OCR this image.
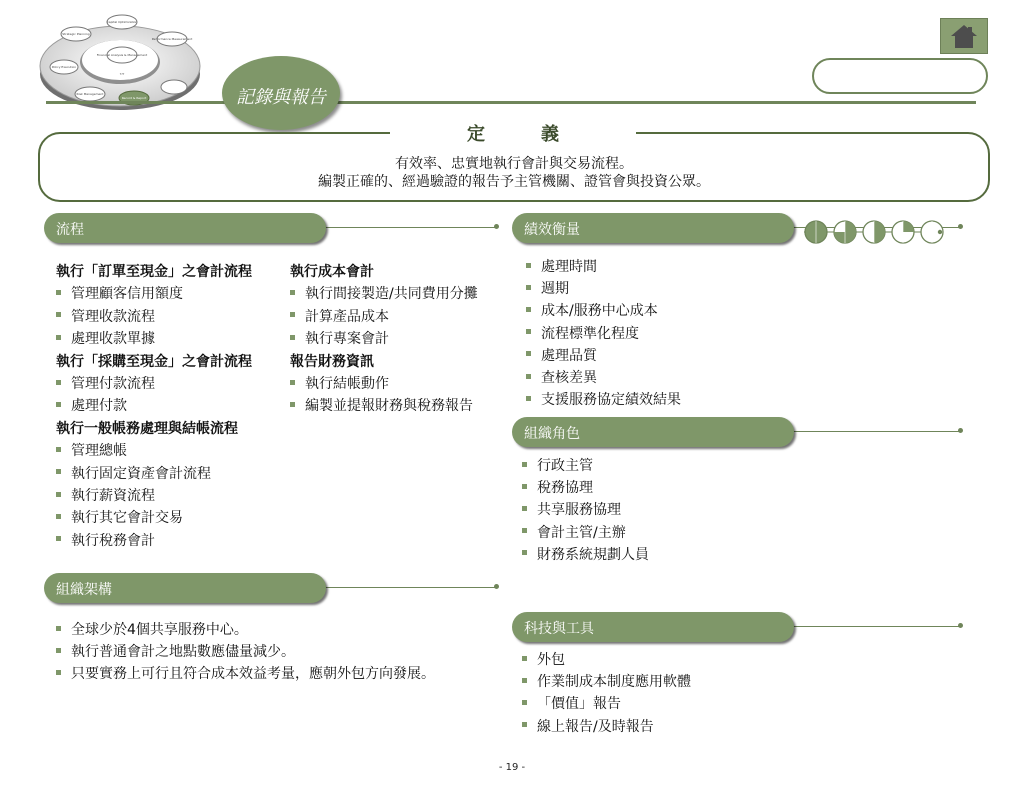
Capital Optimization
Performance Measurement
Strategic Planning
Financial Analysis & Management
Policy Execution
Risk Management
Record & Report
???
記錄與報告
定	義
有效率、忠實地執行會計與交易流程。
編製正確的、經過驗證的報告予主管機關、證管會與投資公眾。
流程	績效衡量
組織角色
組織架構
科技與工具
執行「訂單至現金」之會計流程
管理顧客信用額度
管理收款流程
處理收款單據
執行「採購至現金」之會計流程
管理付款流程
處理付款
執行一般帳務處理與結帳流程
管理總帳
執行固定資產會計流程
執行薪資流程
執行其它會計交易
執行稅務會計
執行成本會計
執行間接製造/共同費用分攤
計算產品成本
執行專案會計
報告財務資訊
執行結帳動作
編製並提報財務與稅務報告
處理時間
週期
成本/服務中心成本
流程標準化程度
處理品質
查核差異
支援服務協定績效結果
行政主管
稅務協理
共享服務協理
會計主管/主辦
財務系統規劃人員
全球少於4個共享服務中心。
執行普通會計之地點數應儘量減少。
只要實務上可行且符合成本效益考量，應朝外包方向發展。
外包
作業制成本制度應用軟體
「價值」報告
線上報告/及時報告
- 19 -
